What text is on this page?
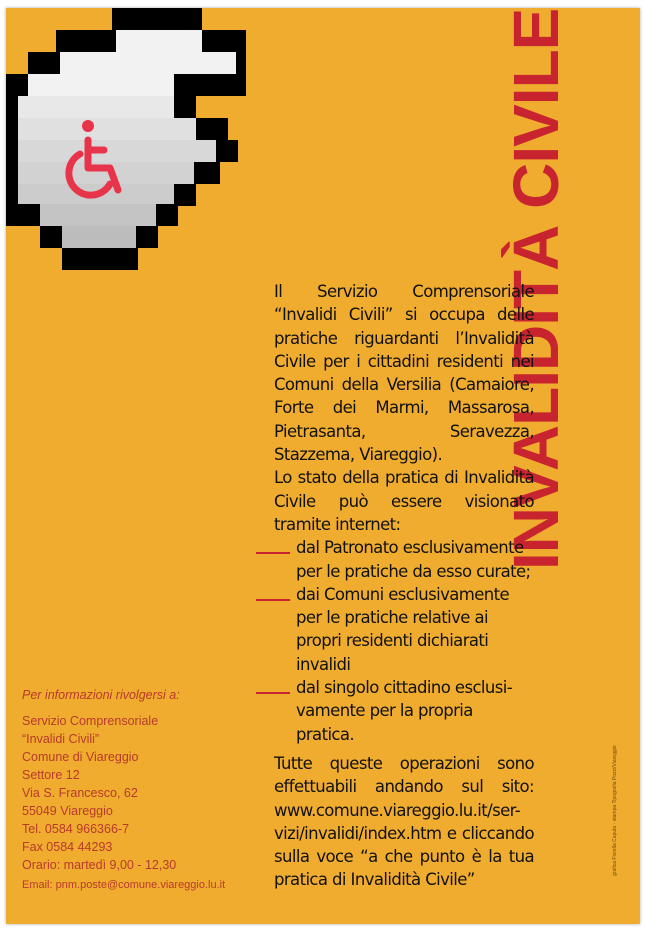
INVALIDITÀ CIVILE
grafica Fiorella Caputo · stampa Tipografia Pozzi/Viareggio

Il Servizio Comprensoriale “Invalidi Civili” si occupa delle pratiche riguardanti l’Invalidità Civile per i cittadini residenti nei Comuni della Versilia (Camaiore, Forte dei Marmi, Massarosa, Pietrasanta, Seravezza, Stazzema, Viareggio).

Lo stato della pratica di Invalidità Civile può essere visionato tramite internet:

dal Patronato esclusivamente per le pratiche da esso curate;
dai Comuni esclusivamente per le pratiche relative ai propri residenti dichiarati invalidi
dal singolo cittadino esclusi-vamente per la propria pratica.

Tutte queste operazioni sono effettuabili andando sul sito: www.comune.viareggio.lu.it/ser-vizi/invalidi/index.htm e cliccando sulla voce “a che punto è la tua pratica di Invalidità Civile”

Per informazioni rivolgersi a:
Servizio Comprensoriale
“Invalidi Civili”
Comune di Viareggio
Settore 12
Via S. Francesco, 62
55049 Viareggio
Tel. 0584 966366-7
Fax 0584 44293
Orario: martedì 9,00 - 12,30
Email: pnm.poste@comune.viareggio.lu.it
